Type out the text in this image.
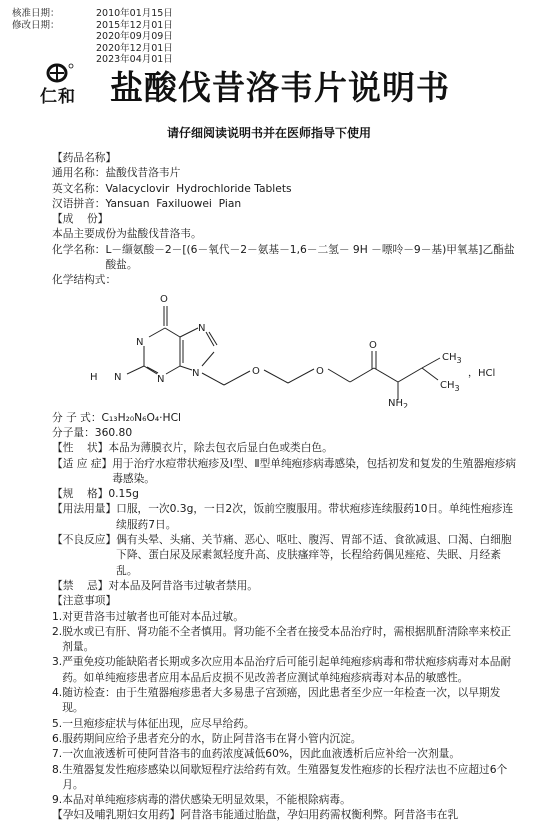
核准日期：	2010年01月15日
修改日期：	2015年12月01日

2020年09月09日

2020年12月01日

2023年04月01日
仁和 盐酸伐昔洛韦片说明书
请仔细阅读说明书并在医师指导下使用
【药品名称】
通用名称：盐酸伐昔洛韦片
英文名称：Valacyclovir  Hydrochloride Tablets
汉语拼音：Yansuan  Faxiluowei  Pian
【成    份】
本品主要成份为盐酸伐昔洛韦。
化学名称： L－缬氨酸－2－[(6－氧代－2－氨基－1,6－二氢－ 9H －嘌呤－9－基)甲氧基]乙酯盐酸盐。
化学结构式：
O
N
N
H N	N
N	O	O
O
$CH_3$
$CH_3$
$NH_2$
，HCl
分 子 式：C₁₃H₂₀N₆O₄·HCl
分子量：360.80
【性    状】 本品为薄膜衣片，除去包衣后显白色或类白色。
【适 应 症】 用于治疗水痘带状疱疹及Ⅰ型、Ⅱ型单纯疱疹病毒感染，包括初发和复发的生殖器疱疹病毒感染。
【规    格】 0.15g
【用法用量】 口服，一次0.3g，一日2次，饭前空腹服用。带状疱疹连续服药10日。单纯性疱疹连续服药7日。
【不良反应】 偶有头晕、头痛、关节痛、恶心、呕吐、腹泻、胃部不适、食欲减退、口渴、白细胞下降、蛋白尿及尿素氮轻度升高、皮肤瘙痒等，长程给药偶见痤疮、失眠、月经紊乱。
【禁    忌】 对本品及阿昔洛韦过敏者禁用。
【注意事项】
1. 对更昔洛韦过敏者也可能对本品过敏。
2. 脱水或已有肝、肾功能不全者慎用。肾功能不全者在接受本品治疗时，需根据肌酐清除率来校正剂量。
3. 严重免疫功能缺陷者长期或多次应用本品治疗后可能引起单纯疱疹病毒和带状疱疹病毒对本品耐药。如单纯疱疹患者应用本品后皮损不见改善者应测试单纯疱疹病毒对本品的敏感性。
4. 随访检查：由于生殖器疱疹患者大多易患子宫颈癌，因此患者至少应一年检查一次，以早期发现。
5. 一旦疱疹症状与体征出现，应尽早给药。
6. 服药期间应给予患者充分的水，防止阿昔洛韦在肾小管内沉淀。
7. 一次血液透析可使阿昔洛韦的血药浓度减低60%，因此血液透析后应补给一次剂量。
8. 生殖器复发性疱疹感染以间歇短程疗法给药有效。生殖器复发性疱疹的长程疗法也不应超过6个月。
9. 本品对单纯疱疹病毒的潜伏感染无明显效果，不能根除病毒。
【孕妇及哺乳期妇女用药】阿昔洛韦能通过胎盘，孕妇用药需权衡利弊。阿昔洛韦在乳
